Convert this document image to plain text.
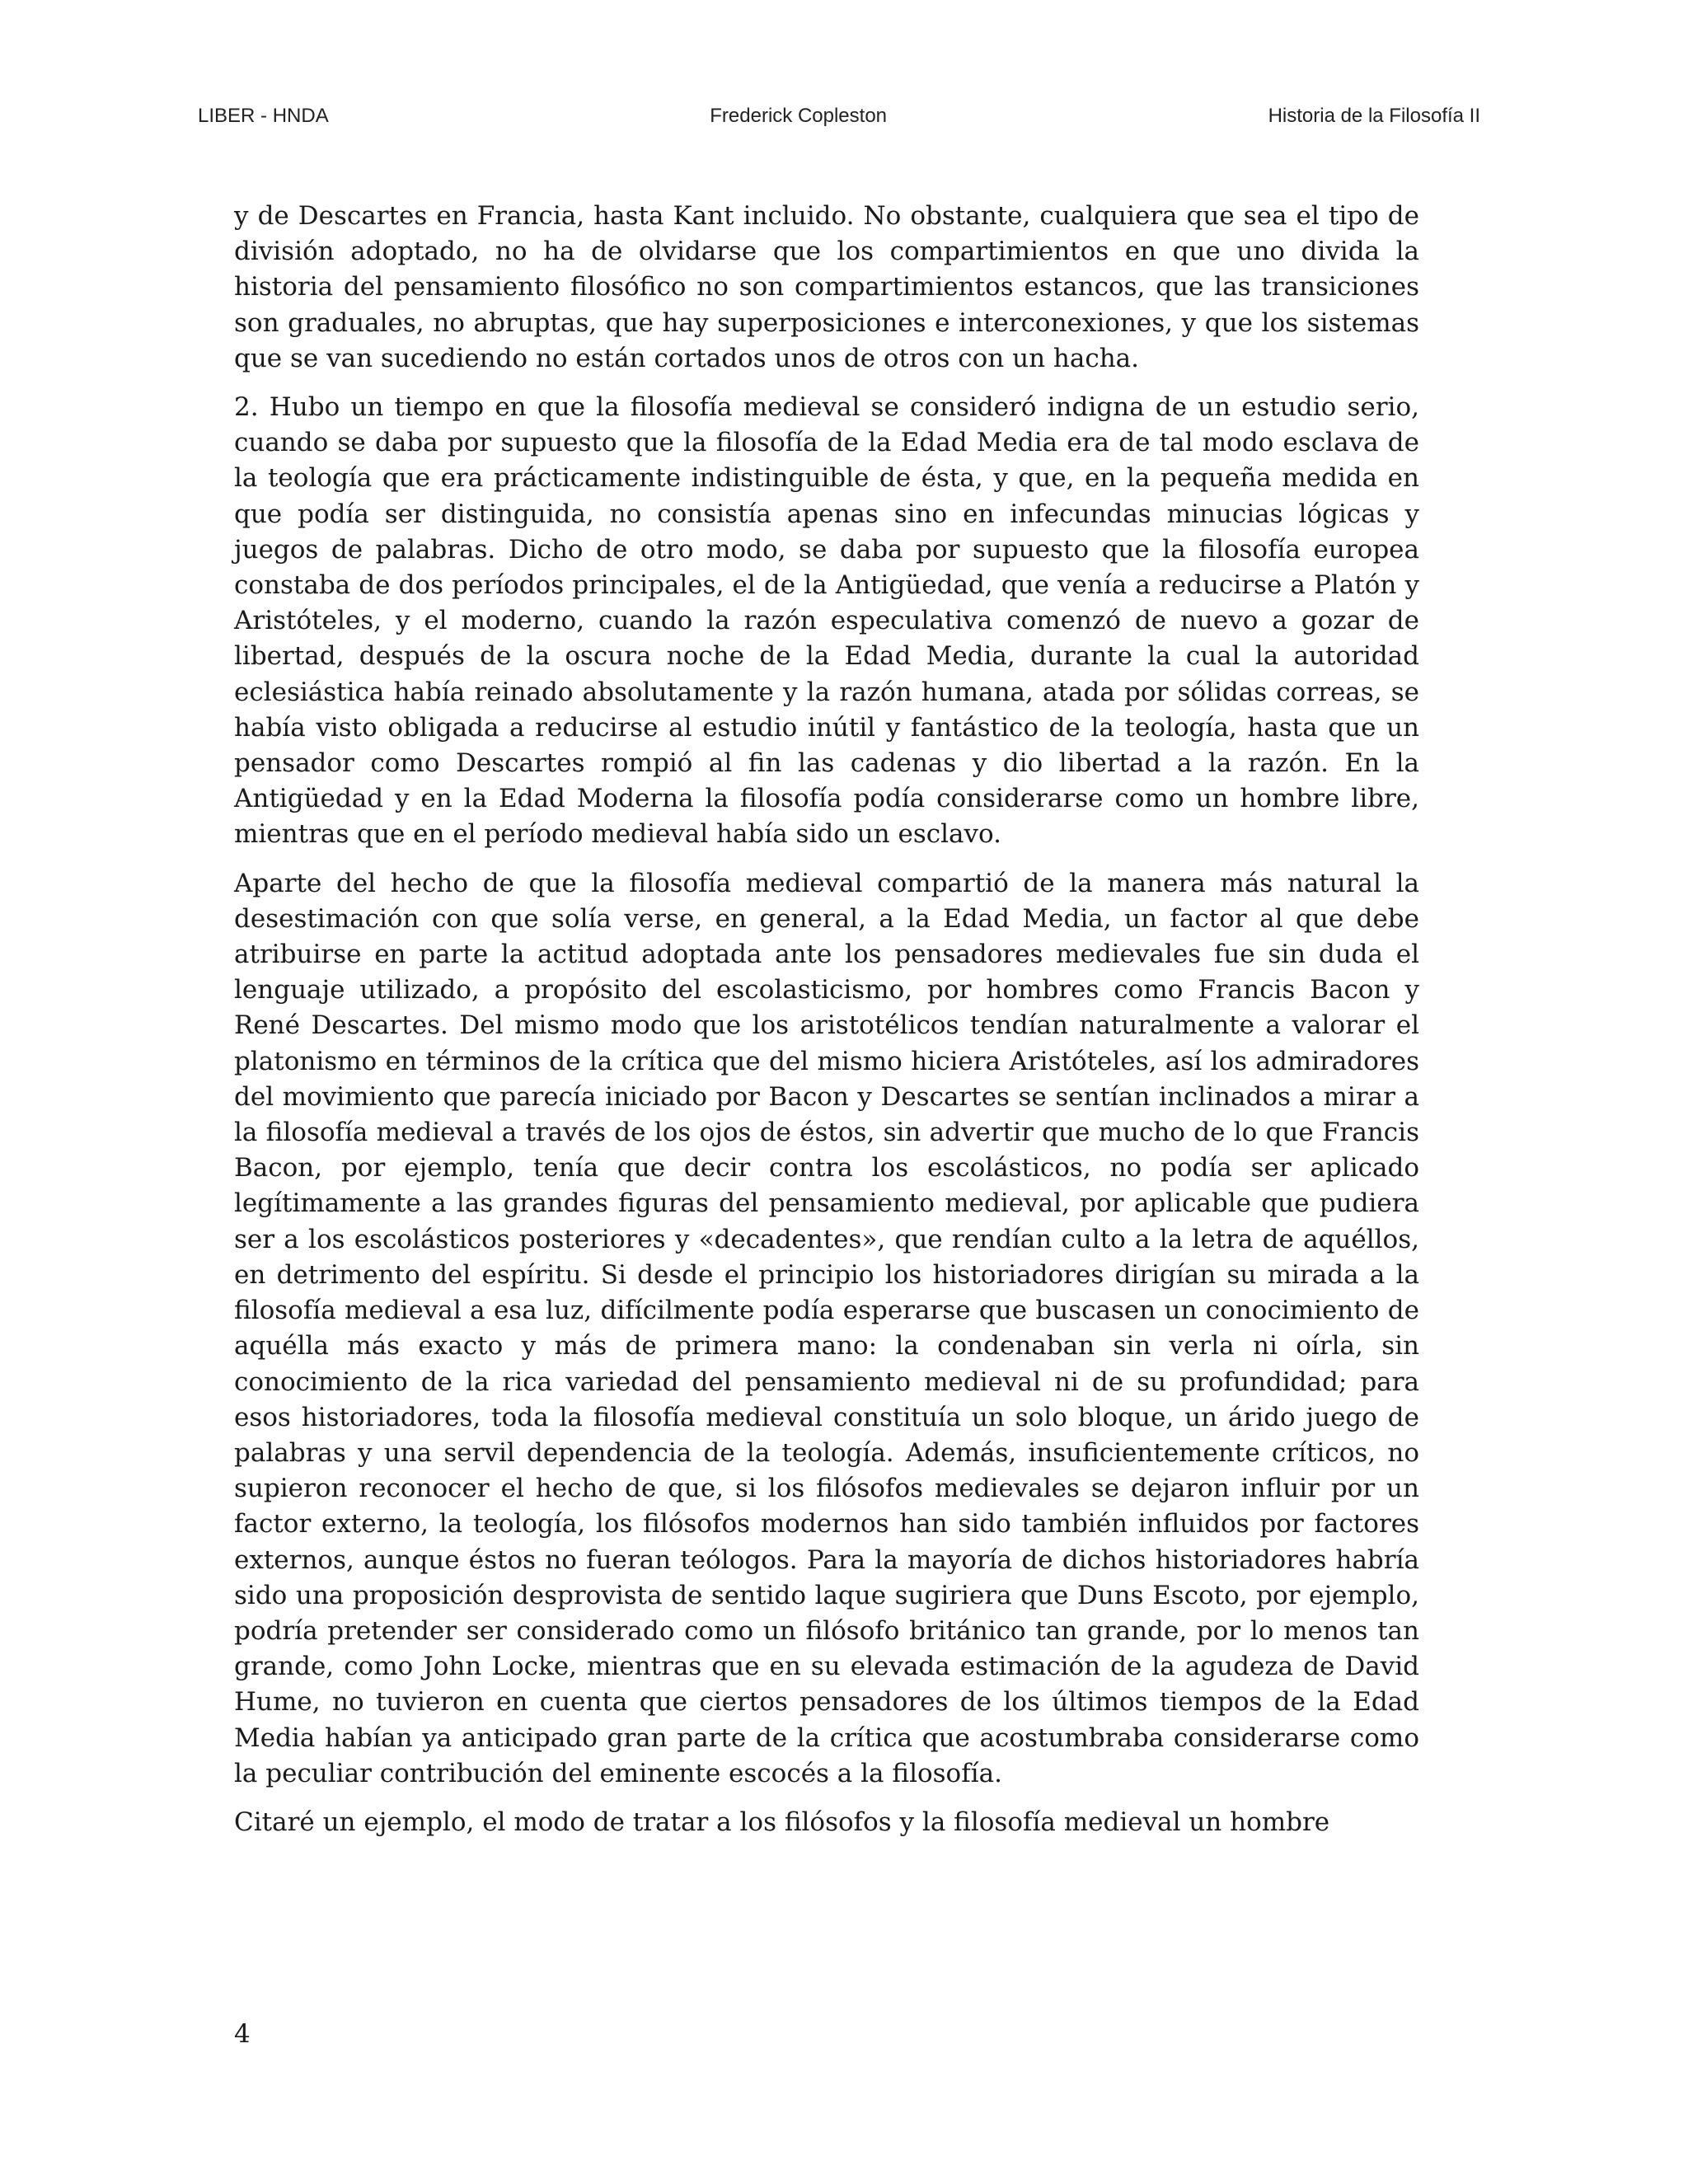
LIBER - HNDA	Frederick Copleston	Historia de la Filosofía II

y de Descartes en Francia, hasta Kant incluido. No obstante, cualquiera que sea el tipo de división adoptado, no ha de olvidarse que los compartimientos en que uno divida la historia del pensamiento filosófico no son compartimientos estancos, que las transiciones son graduales, no abruptas, que hay superposiciones e interconexiones, y que los sistemas que se van sucediendo no están cortados unos de otros con un hacha.

2. Hubo un tiempo en que la filosofía medieval se consideró indigna de un estudio serio, cuando se daba por supuesto que la filosofía de la Edad Media era de tal modo esclava de la teología que era prácticamente indistinguible de ésta, y que, en la pequeña medida en que podía ser distinguida, no consistía apenas sino en infecundas minucias lógicas y juegos de palabras. Dicho de otro modo, se daba por supuesto que la filosofía europea constaba de dos períodos principales, el de la Antigüedad, que venía a reducirse a Platón y Aristóteles, y el moderno, cuando la razón especulativa comenzó de nuevo a gozar de libertad, después de la oscura noche de la Edad Media, durante la cual la autoridad eclesiástica había reinado absolutamente y la razón humana, atada por sólidas correas, se había visto obligada a reducirse al estudio inútil y fantástico de la teología, hasta que un pensador como Descartes rompió al fin las cadenas y dio libertad a la razón. En la Antigüedad y en la Edad Moderna la filosofía podía considerarse como un hombre libre, mientras que en el período medieval había sido un esclavo.

Aparte del hecho de que la filosofía medieval compartió de la manera más natural la desestimación con que solía verse, en general, a la Edad Media, un factor al que debe atribuirse en parte la actitud adoptada ante los pensadores medievales fue sin duda el lenguaje utilizado, a propósito del escolasticismo, por hombres como Francis Bacon y René Descartes. Del mismo modo que los aristotélicos tendían naturalmente a valorar el platonismo en términos de la crítica que del mismo hiciera Aristóteles, así los admiradores del movimiento que parecía iniciado por Bacon y Descartes se sentían inclinados a mirar a la filosofía medieval a través de los ojos de éstos, sin advertir que mucho de lo que Francis Bacon, por ejemplo, tenía que decir contra los escolásticos, no podía ser aplicado legítimamente a las grandes figuras del pensamiento medieval, por aplicable que pudiera ser a los escolásticos posteriores y «decadentes», que rendían culto a la letra de aquéllos, en detrimento del espíritu. Si desde el principio los historiadores dirigían su mirada a la filosofía medieval a esa luz, difícilmente podía esperarse que buscasen un conocimiento de aquélla más exacto y más de primera mano: la condenaban sin verla ni oírla, sin conocimiento de la rica variedad del pensamiento medieval ni de su profundidad; para esos historiadores, toda la filosofía medieval constituía un solo bloque, un árido juego de palabras y una servil dependencia de la teología. Además, insuficientemente críticos, no supieron reconocer el hecho de que, si los filósofos medievales se dejaron influir por un factor externo, la teología, los filósofos modernos han sido también influidos por factores externos, aunque éstos no fueran teólogos. Para la mayoría de dichos historiadores habría sido una proposición desprovista de sentido laque sugiriera que Duns Escoto, por ejemplo, podría pretender ser considerado como un filósofo británico tan grande, por lo menos tan grande, como John Locke, mientras que en su elevada estimación de la agudeza de David Hume, no tuvieron en cuenta que ciertos pensadores de los últimos tiempos de la Edad Media habían ya anticipado gran parte de la crítica que acostumbraba considerarse como la peculiar contribución del eminente escocés a la filosofía.

Citaré un ejemplo, el modo de tratar a los filósofos y la filosofía medieval un hombre

4
